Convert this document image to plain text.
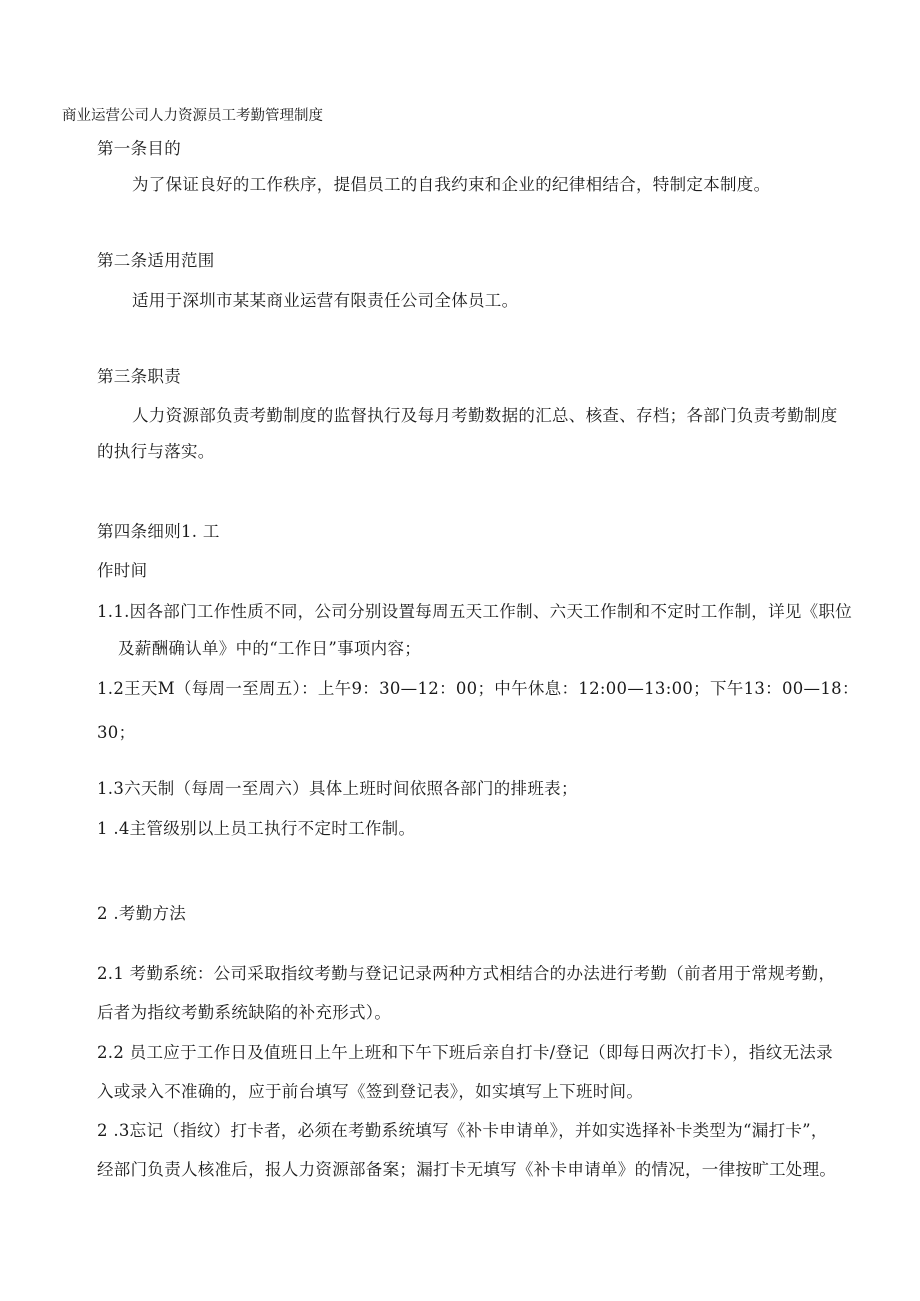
商业运营公司人力资源员工考勤管理制度
第一条目的
为了保证良好的工作秩序，提倡员工的自我约束和企业的纪律相结合，特制定本制度。
第二条适用范围
适用于深圳市某某商业运营有限责任公司全体员工。
第三条职责
人力资源部负责考勤制度的监督执行及每月考勤数据的汇总、核查、存档；各部门负责考勤制度
的执行与落实。
第四条细则1. 工
作时间
1.1.因各部门工作性质不同，公司分别设置每周五天工作制、六天工作制和不定时工作制，详见《职位
及薪酬确认单》中的“工作日”事项内容；
1.2王天M（每周一至周五）：上午9：30—12：00；中午休息：12:00—13:00；下午13：00—18：
30；
1.3六天制（每周一至周六）具体上班时间依照各部门的排班表；
1 .4主管级别以上员工执行不定时工作制。
2 .考勤方法
2.1 考勤系统：公司采取指纹考勤与登记记录两种方式相结合的办法进行考勤（前者用于常规考勤，
后者为指纹考勤系统缺陷的补充形式）。
2.2 员工应于工作日及值班日上午上班和下午下班后亲自打卡/登记（即每日两次打卡），指纹无法录
入或录入不准确的，应于前台填写《签到登记表》，如实填写上下班时间。
2 .3忘记（指纹）打卡者，必须在考勤系统填写《补卡申请单》，并如实选择补卡类型为“漏打卡”，
经部门负责人核准后，报人力资源部备案；漏打卡无填写《补卡申请单》的情况，一律按旷工处理。
